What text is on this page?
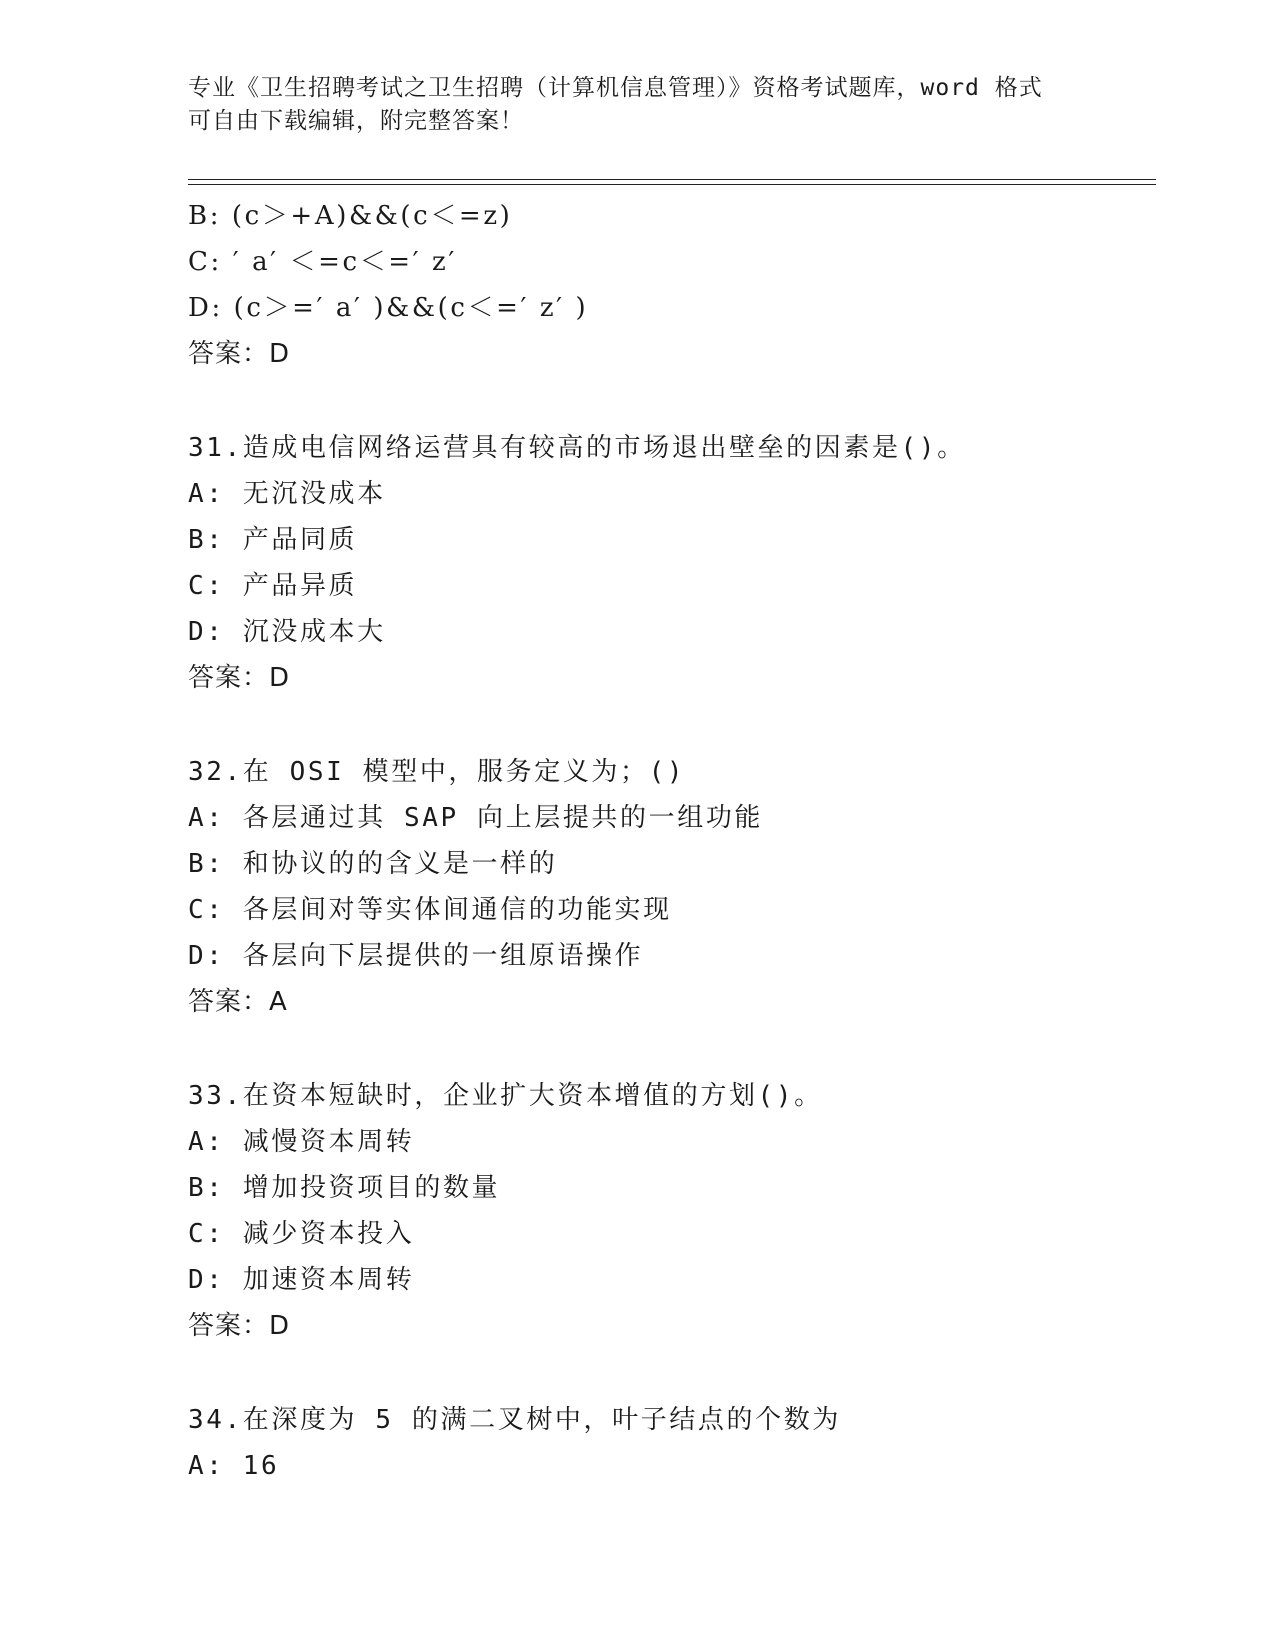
专业《卫生招聘考试之卫生招聘（计算机信息管理）》资格考试题库，word 格式
可自由下载编辑，附完整答案！
B: (c＞+A)&&(c＜=z)
C: ′ a′ ＜=c＜=′ z′
D: (c＞=′ a′ )&&(c＜=′ z′ )
答案：D
31.造成电信网络运营具有较高的市场退出壁垒的因素是()。
A: 无沉没成本
B: 产品同质
C: 产品异质
D: 沉没成本大
答案：D
32.在 OSI 模型中，服务定义为；()
A: 各层通过其 SAP 向上层提共的一组功能
B: 和协议的的含义是一样的
C: 各层间对等实体间通信的功能实现
D: 各层向下层提供的一组原语操作
答案：A
33.在资本短缺时，企业扩大资本增值的方划()。
A: 减慢资本周转
B: 增加投资项目的数量
C: 减少资本投入
D: 加速资本周转
答案：D
34.在深度为 5 的满二叉树中，叶子结点的个数为
A: 16
